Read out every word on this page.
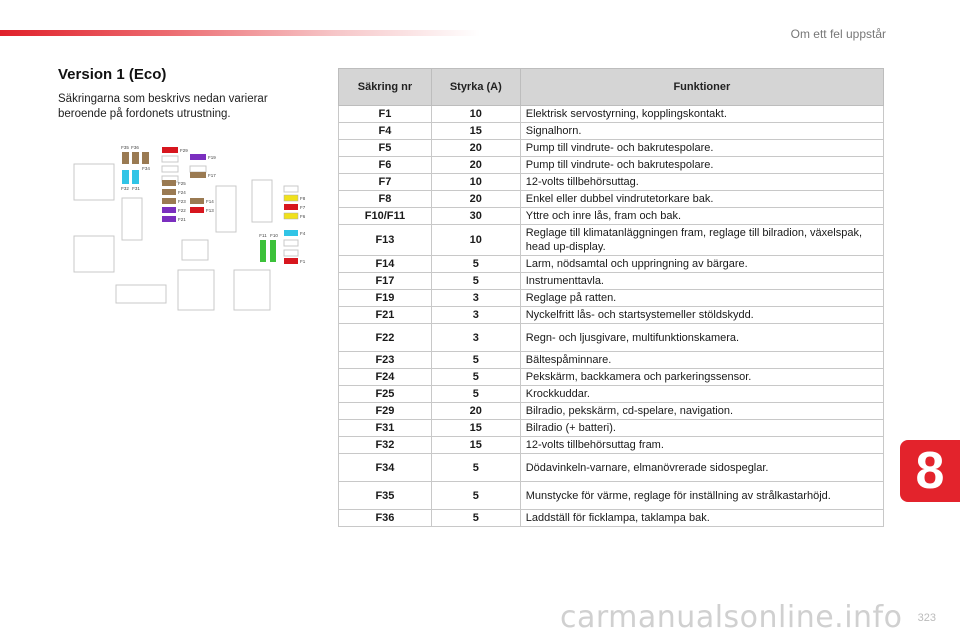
Om ett fel uppstår
Version 1 (Eco)
Säkringarna som beskrivs nedan varierar beroende på fordonets utrustning.
F35 F36
F34
F29
F19
F32 F31
F17
F25
F24
F23
F22
F21
F14
F13
F8
F7
F6
F4
F1
F11 F10
Säkring nr	Styrka (A)	Funktioner
F1	10	Elektrisk servostyrning, kopplingskontakt.
F4	15	Signalhorn.
F5	20	Pump till vindrute- och bakrutespolare.
F6	20	Pump till vindrute- och bakrutespolare.
F7	10	12-volts tillbehörsuttag.
F8	20	Enkel eller dubbel vindrutetorkare bak.
F10/F11	30	Yttre och inre lås, fram och bak.
F13	10	Reglage till klimatanläggningen fram, reglage till bilradion, växelspak, head up-display.
F14	5	Larm, nödsamtal och uppringning av bärgare.
F17	5	Instrumenttavla.
F19	3	Reglage på ratten.
F21	3	Nyckelfritt lås- och startsystemeller stöldskydd.
F22	3	Regn- och ljusgivare, multifunktionskamera.
F23	5	Bältespåminnare.
F24	5	Pekskärm, backkamera och parkeringssensor.
F25	5	Krockkuddar.
F29	20	Bilradio, pekskärm, cd-spelare, navigation.
F31	15	Bilradio (+ batteri).
F32	15	12-volts tillbehörsuttag fram.
F34	5	Dödavinkeln-varnare, elmanövrerade sidospeglar.
F35	5	Munstycke för värme, reglage för inställning av strålkastarhöjd.
F36	5	Laddställ för ficklampa, taklampa bak.
8
323
carmanualsonline.info
